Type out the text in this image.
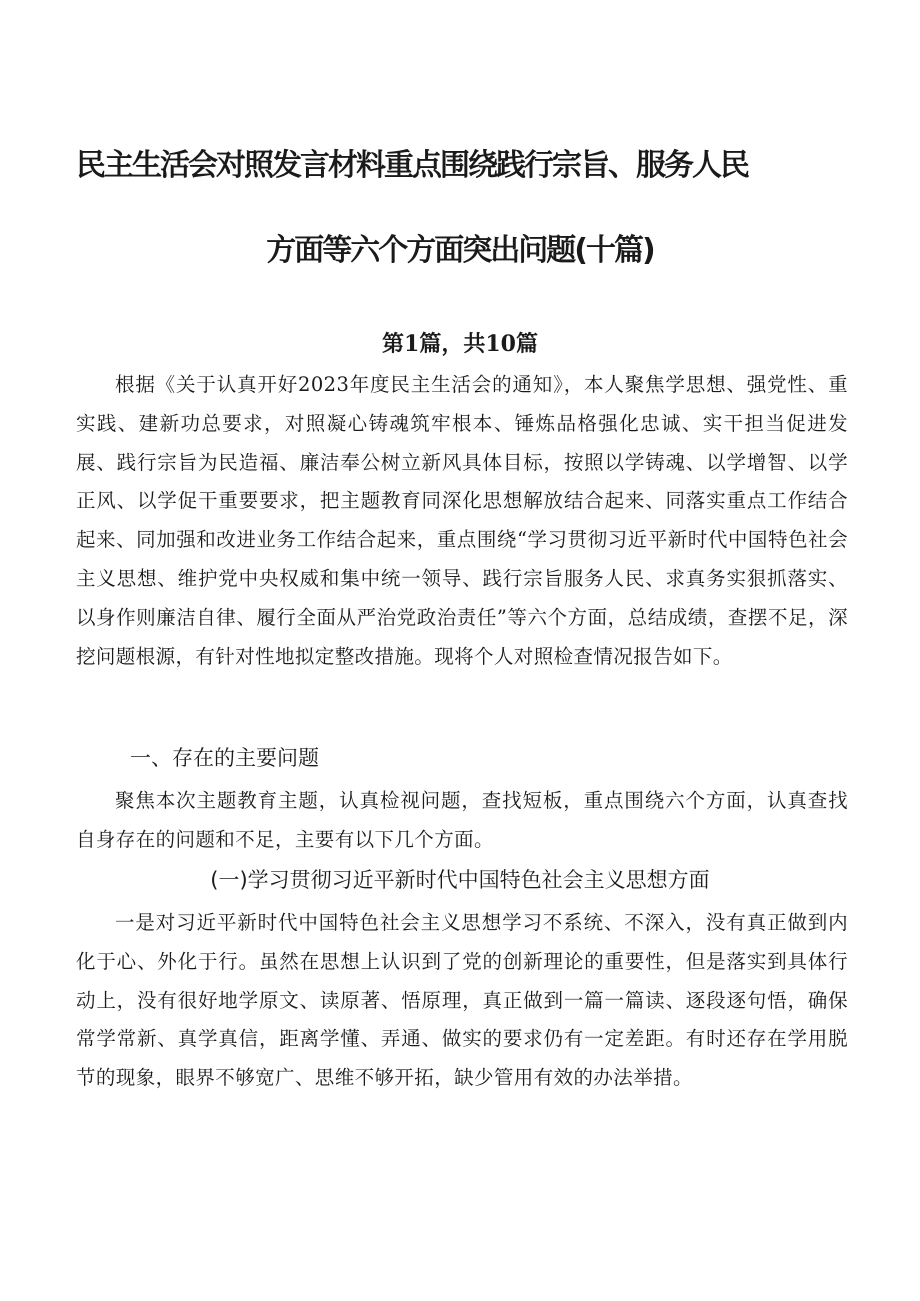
民主生活会对照发言材料重点围绕践行宗旨、服务人民
方面等六个方面突出问题(十篇)
第1篇，共10篇

根据《关于认真开好2023年度民主生活会的通知》，本人聚焦学思想、强党性、重实践、建新功总要求，对照凝心铸魂筑牢根本、锤炼品格强化忠诚、实干担当促进发展、践行宗旨为民造福、廉洁奉公树立新风具体目标，按照以学铸魂、以学增智、以学正风、以学促干重要要求，把主题教育同深化思想解放结合起来、同落实重点工作结合起来、同加强和改进业务工作结合起来，重点围绕“学习贯彻习近平新时代中国特色社会主义思想、维护党中央权威和集中统一领导、践行宗旨服务人民、求真务实狠抓落实、以身作则廉洁自律、履行全面从严治党政治责任”等六个方面，总结成绩，查摆不足，深挖问题根源，有针对性地拟定整改措施。现将个人对照检查情况报告如下。

一、存在的主要问题

聚焦本次主题教育主题，认真检视问题，查找短板，重点围绕六个方面，认真查找自身存在的问题和不足，主要有以下几个方面。

(一)学习贯彻习近平新时代中国特色社会主义思想方面

一是对习近平新时代中国特色社会主义思想学习不系统、不深入，没有真正做到内化于心、外化于行。虽然在思想上认识到了党的创新理论的重要性，但是落实到具体行动上，没有很好地学原文、读原著、悟原理，真正做到一篇一篇读、逐段逐句悟，确保常学常新、真学真信，距离学懂、弄通、做实的要求仍有一定差距。有时还存在学用脱节的现象，眼界不够宽广、思维不够开拓，缺少管用有效的办法举措。
